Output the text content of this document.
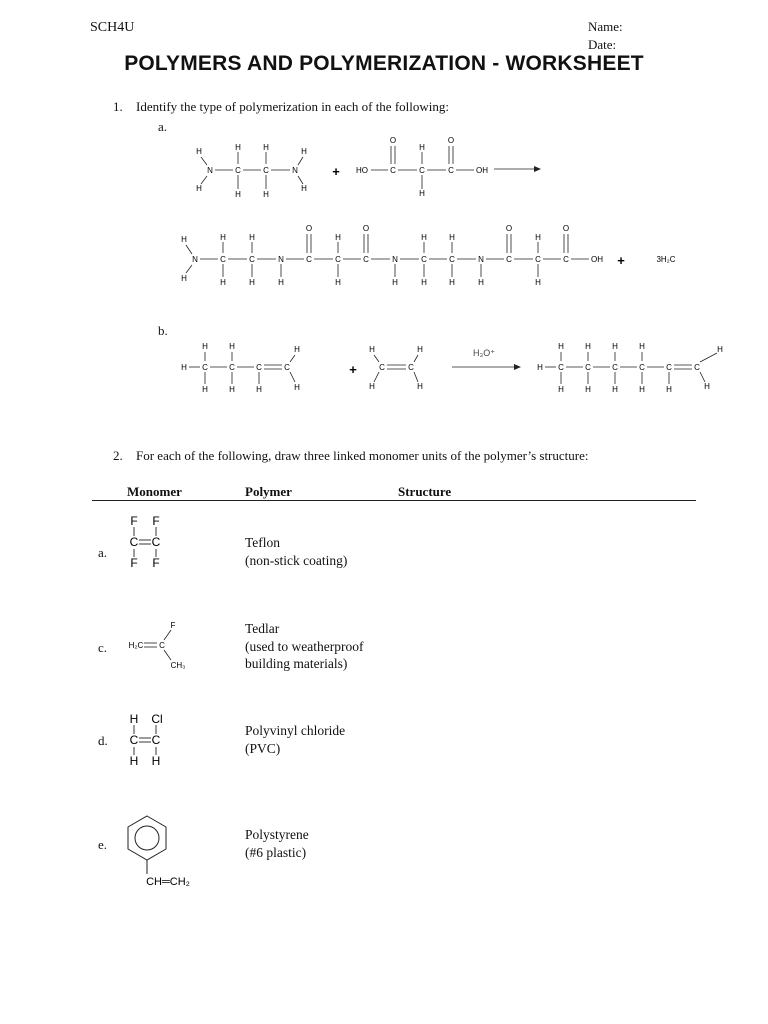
SCH4U	Name:
Date:
POLYMERS AND POLYMERIZATION - WORKSHEET
1. Identify the type of polymerization in each of the following:
a.
H
H
N	C	C	N
H
H
H
H
H
H
HO	C	C	C	OH
O	O
H
H
+
H
H
N	C	C	N	C	C	C	N	C	C	N	C	C	C	OH
H	H
O
H
O
H	H
O
H
O
H	H	H	H	H	H	H	H	H
3H₂C
+
b.
H C	C	C	C
H	H
H	H	H
H
H
C	C
H
H
H
H
H C	C	C	C	C	C
H	H	H	H
H	H	H	H	H
H
H
H₃O⁺
+
2. For each of the following, draw three linked monomer units of the polymer’s structure:
Monomer	Polymer	Structure
a.
F F
C C
F F
Teflon
(non-stick coating)
c.	H₂C C
F
CH₃
Tedlar
(used to weatherproof
building materials)
d.
H Cl
C C
H H
Polyvinyl chloride
(PVC)
e.
CH═CH₂
Polystyrene
(#6 plastic)
